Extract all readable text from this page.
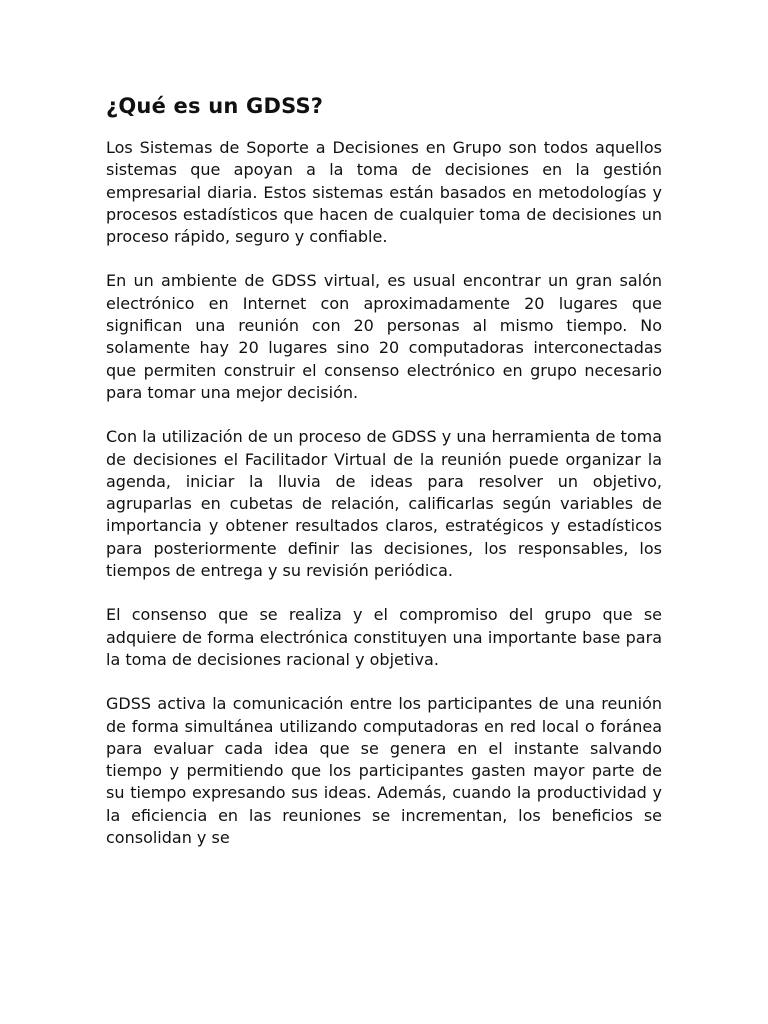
¿Qué es un GDSS?

Los Sistemas de Soporte a Decisiones en Grupo son todos aquellos sistemas que apoyan a la toma de decisiones en la gestión empresarial diaria. Estos sistemas están basados en metodologías y procesos estadísticos que hacen de cualquier toma de decisiones un proceso rápido, seguro y confiable.

En un ambiente de GDSS virtual, es usual encontrar un gran salón electrónico en Internet con aproximadamente 20 lugares que significan una reunión con 20 personas al mismo tiempo. No solamente hay 20 lugares sino 20 computadoras interconectadas que permiten construir el consenso electrónico en grupo necesario para tomar una mejor decisión.

Con la utilización de un proceso de GDSS y una herramienta de toma de decisiones el Facilitador Virtual de la reunión puede organizar la agenda, iniciar la lluvia de ideas para resolver un objetivo, agruparlas en cubetas de relación, calificarlas según variables de importancia y obtener resultados claros, estratégicos y estadísticos para posteriormente definir las decisiones, los responsables, los tiempos de entrega y su revisión periódica.

El consenso que se realiza y el compromiso del grupo que se adquiere de forma electrónica constituyen una importante base para la toma de decisiones racional y objetiva.

GDSS activa la comunicación entre los participantes de una reunión de forma simultánea utilizando computadoras en red local o foránea para evaluar cada idea que se genera en el instante salvando tiempo y permitiendo que los participantes gasten mayor parte de su tiempo expresando sus ideas. Además, cuando la productividad y la eficiencia en las reuniones se incrementan, los beneficios se consolidan y se
